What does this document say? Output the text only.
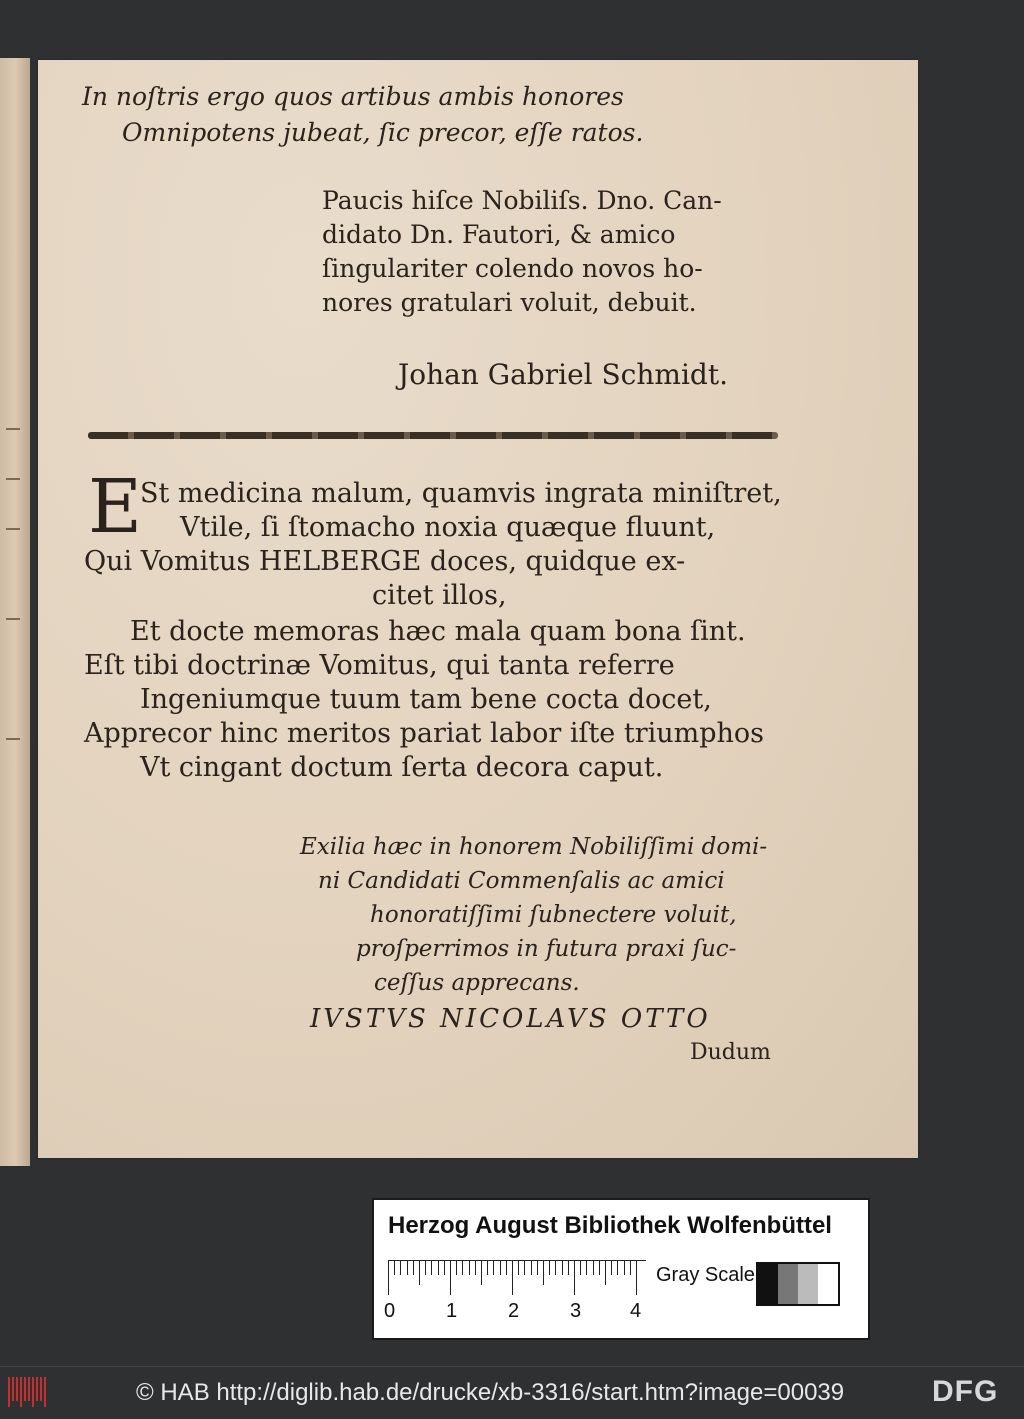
In noſtris ergo quos artibus ambis honores
Omnipotens jubeat, ſic precor, eſſe ratos.
Paucis hiſce Nobiliſs. Dno. Can-
didato Dn. Fautori, & amico
ſingulariter colendo novos ho-
nores gratulari voluit, debuit.
Johan Gabriel Schmidt.
E
St medicina malum, quamvis ingrata miniſtret,
Vtile, ſi ſtomacho noxia quæque fluunt,
Qui Vomitus HELBERGE doces, quidque ex-
citet illos,
Et docte memoras hæc mala quam bona ſint.
Eſt tibi doctrinæ Vomitus, qui tanta referre
Ingeniumque tuum tam bene cocta docet,
Apprecor hinc meritos pariat labor iſte triumphos
Vt cingant doctum ſerta decora caput.
Exilia hæc in honorem Nobiliſſimi domi-
ni Candidati Commenſalis ac amici
honoratiſſimi ſubnectere voluit,
proſperrimos in futura praxi ſuc-
ceſſus apprecans.
IVSTVS NICOLAVS OTTO
Dudum
Herzog August Bibliothek Wolfenbüttel
0	1	2	3 4
Gray Scale
© HAB http://diglib.hab.de/drucke/xb-3316/start.htm?image=00039	DFG
